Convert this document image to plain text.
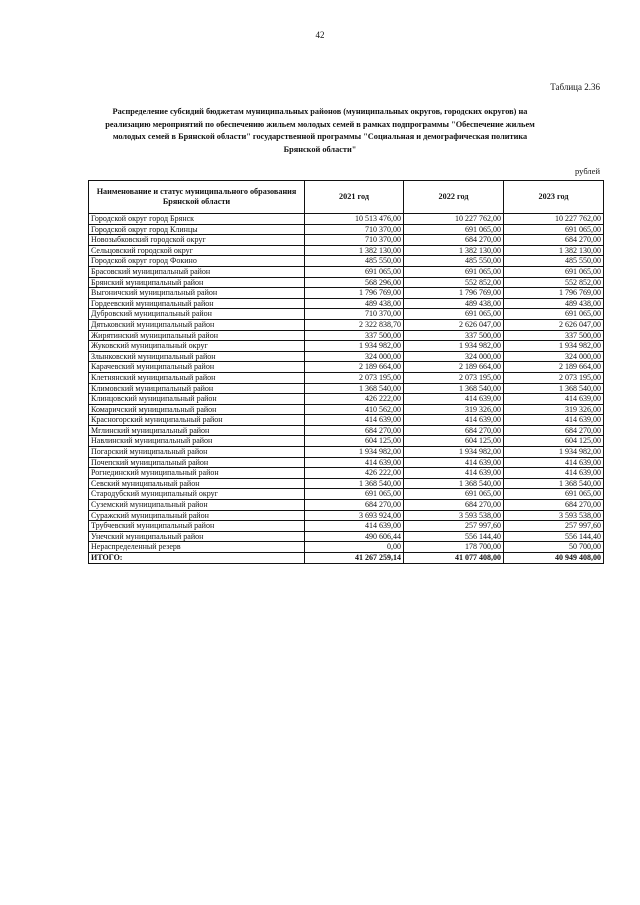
42
Таблица 2.36
Распределение субсидий бюджетам муниципальных районов (муниципальных округов, городских округов) на реализацию мероприятий по обеспечению жильем молодых семей в рамках подпрограммы "Обеспечение жильем молодых семей в Брянской области" государственной программы "Социальная и демографическая политика Брянской области"
рублей
Наименование и статус муниципального образования Брянской области	2021 год	2022 год	2023 год
Городской округ город Брянск	10 513 476,00	10 227 762,00	10 227 762,00
Городской округ город Клинцы	710 370,00	691 065,00	691 065,00
Новозыбковский городской округ	710 370,00	684 270,00	684 270,00
Сельцовский городской округ	1 382 130,00	1 382 130,00	1 382 130,00
Городской округ город Фокино	485 550,00	485 550,00	485 550,00
Брасовский муниципальный район	691 065,00	691 065,00	691 065,00
Брянский муниципальный район	568 296,00	552 852,00	552 852,00
Выгоничский муниципальный район	1 796 769,00	1 796 769,00	1 796 769,00
Гордеевский муниципальный район	489 438,00	489 438,00	489 438,00
Дубровский муниципальный район	710 370,00	691 065,00	691 065,00
Дятьковский муниципальный район	2 322 838,70	2 626 047,00	2 626 047,00
Жирятинский муниципальный район	337 500,00	337 500,00	337 500,00
Жуковский муниципальный округ	1 934 982,00	1 934 982,00	1 934 982,00
Злынковский муниципальный район	324 000,00	324 000,00	324 000,00
Карачевский муниципальный район	2 189 664,00	2 189 664,00	2 189 664,00
Клетнянский муниципальный район	2 073 195,00	2 073 195,00	2 073 195,00
Климовский муниципальный район	1 368 540,00	1 368 540,00	1 368 540,00
Клинцовский муниципальный район	426 222,00	414 639,00	414 639,00
Комаричский муниципальный район	410 562,00	319 326,00	319 326,00
Красногорский муниципальный район	414 639,00	414 639,00	414 639,00
Мглинский муниципальный район	684 270,00	684 270,00	684 270,00
Навлинский муниципальный район	604 125,00	604 125,00	604 125,00
Погарский муниципальный район	1 934 982,00	1 934 982,00	1 934 982,00
Почепский муниципальный район	414 639,00	414 639,00	414 639,00
Рогнединский муниципальный район	426 222,00	414 639,00	414 639,00
Севский муниципальный район	1 368 540,00	1 368 540,00	1 368 540,00
Стародубский муниципальный округ	691 065,00	691 065,00	691 065,00
Суземский муниципальный район	684 270,00	684 270,00	684 270,00
Суражский муниципальный район	3 693 924,00	3 593 538,00	3 593 538,00
Трубчевский муниципальный район	414 639,00	257 997,60	257 997,60
Унечский муниципальный район	490 606,44	556 144,40	556 144,40
Нераспределенный резерв	0,00	178 700,00	50 700,00
ИТОГО:	41 267 259,14	41 077 408,00	40 949 408,00
